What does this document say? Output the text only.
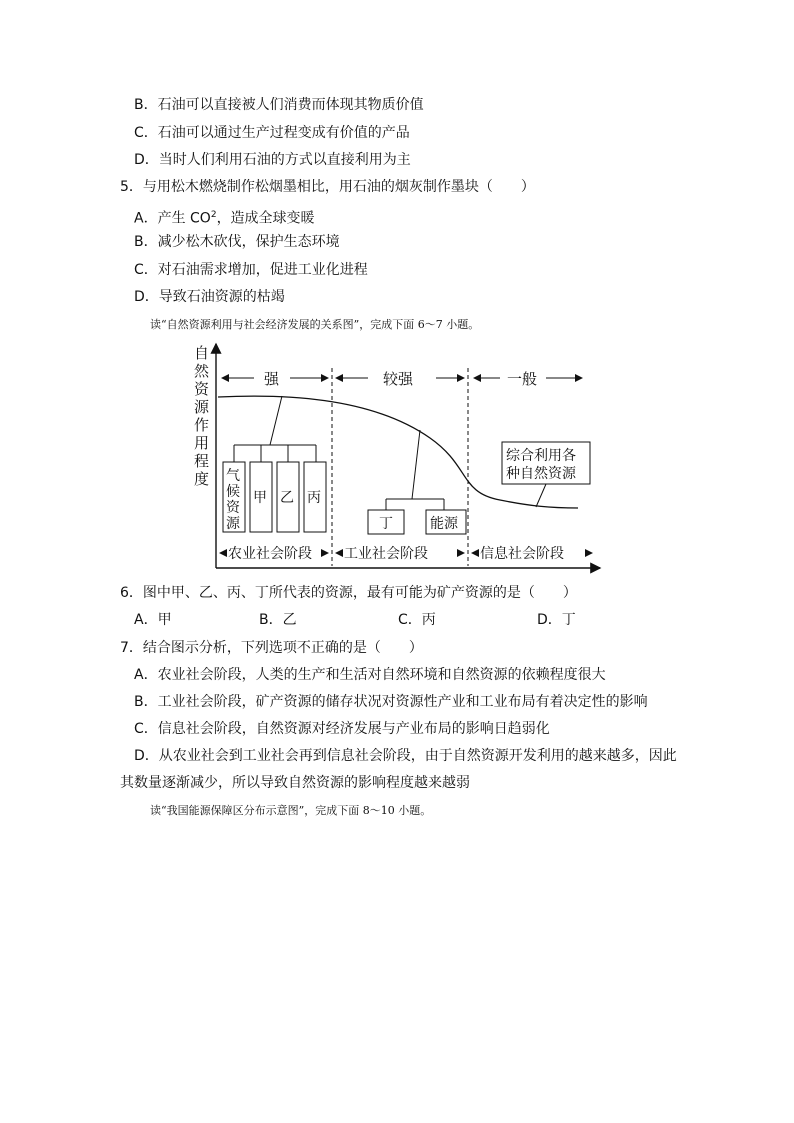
B．石油可以直接被人们消费而体现其物质价值
C．石油可以通过生产过程变成有价值的产品
D．当时人们利用石油的方式以直接利用为主
5．与用松木燃烧制作松烟墨相比，用石油的烟灰制作墨块（　　）
A．产生 $CO^2$，造成全球变暖
B．减少松木砍伐，保护生态环境
C．对石油需求增加，促进工业化进程
D．导致石油资源的枯竭
读“自然资源利用与社会经济发展的关系图”，完成下面 6～7 小题。
自
然
资
源
作
用
程
度
强	较强	一般
气
候
资
源
甲 乙 丙
丁	能源
综合利用各
种自然资源
农业社会阶段 工业社会阶段	信息社会阶段
6．图中甲、乙、丙、丁所代表的资源，最有可能为矿产资源的是（　　）
A．甲	B．乙	C．丙	D．丁
7．结合图示分析，下列选项不正确的是（　　）
A．农业社会阶段，人类的生产和生活对自然环境和自然资源的依赖程度很大
B．工业社会阶段，矿产资源的储存状况对资源性产业和工业布局有着决定性的影响
C．信息社会阶段，自然资源对经济发展与产业布局的影响日趋弱化
D．从农业社会到工业社会再到信息社会阶段，由于自然资源开发利用的越来越多，因此
其数量逐渐减少，所以导致自然资源的影响程度越来越弱
读“我国能源保障区分布示意图”，完成下面 8～10 小题。
